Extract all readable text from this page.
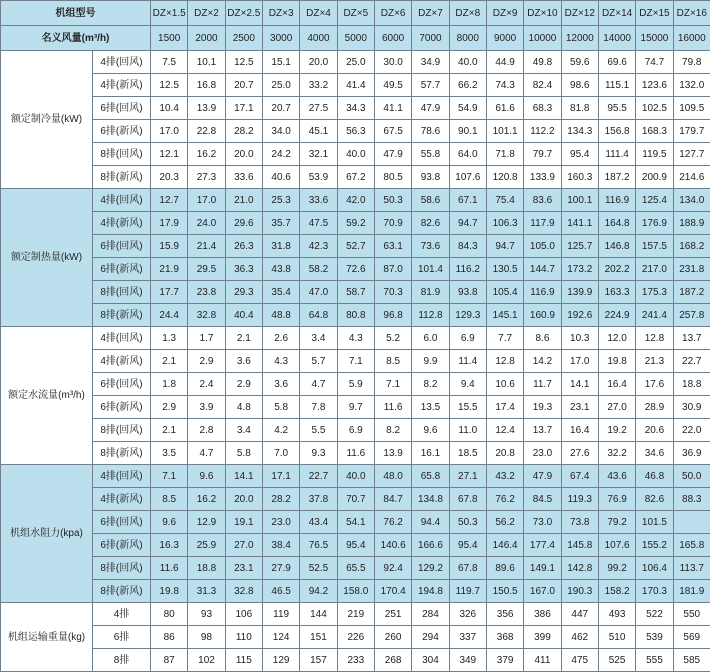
机组型号		DZ×1.5	DZ×2	DZ×2.5	DZ×3	DZ×4	DZ×5	DZ×6	DZ×7	DZ×8	DZ×9	DZ×10	DZ×12	DZ×14	DZ×15	DZ×16
名义风量(m³/h)		1500	2000	2500	3000	4000	5000	6000	7000	8000	9000	10000	12000	14000	15000	16000
额定制冷量(kW)	4排(回风)	7.5	10.1	12.5	15.1	20.0	25.0	30.0	34.9	40.0	44.9	49.8	59.6	69.6	74.7	79.8
	4排(新风)	12.5	16.8	20.7	25.0	33.2	41.4	49.5	57.7	66.2	74.3	82.4	98.6	115.1	123.6	132.0
	6排(回风)	10.4	13.9	17.1	20.7	27.5	34.3	41.1	47.9	54.9	61.6	68.3	81.8	95.5	102.5	109.5
	6排(新风)	17.0	22.8	28.2	34.0	45.1	56.3	67.5	78.6	90.1	101.1	112.2	134.3	156.8	168.3	179.7
	8排(回风)	12.1	16.2	20.0	24.2	32.1	40.0	47.9	55.8	64.0	71.8	79.7	95.4	111.4	119.5	127.7
	8排(新风)	20.3	27.3	33.6	40.6	53.9	67.2	80.5	93.8	107.6	120.8	133.9	160.3	187.2	200.9	214.6
额定制热量(kW)	4排(回风)	12.7	17.0	21.0	25.3	33.6	42.0	50.3	58.6	67.1	75.4	83.6	100.1	116.9	125.4	134.0
	4排(新风)	17.9	24.0	29.6	35.7	47.5	59.2	70.9	82.6	94.7	106.3	117.9	141.1	164.8	176.9	188.9
	6排(回风)	15.9	21.4	26.3	31.8	42.3	52.7	63.1	73.6	84.3	94.7	105.0	125.7	146.8	157.5	168.2
	6排(新风)	21.9	29.5	36.3	43.8	58.2	72.6	87.0	101.4	116.2	130.5	144.7	173.2	202.2	217.0	231.8
	8排(回风)	17.7	23.8	29.3	35.4	47.0	58.7	70.3	81.9	93.8	105.4	116.9	139.9	163.3	175.3	187.2
	8排(新风)	24.4	32.8	40.4	48.8	64.8	80.8	96.8	112.8	129.3	145.1	160.9	192.6	224.9	241.4	257.8
额定水流量(m³/h)	4排(回风)	1.3	1.7	2.1	2.6	3.4	4.3	5.2	6.0	6.9	7.7	8.6	10.3	12.0	12.8	13.7
	4排(新风)	2.1	2.9	3.6	4.3	5.7	7.1	8.5	9.9	11.4	12.8	14.2	17.0	19.8	21.3	22.7
	6排(回风)	1.8	2.4	2.9	3.6	4.7	5.9	7.1	8.2	9.4	10.6	11.7	14.1	16.4	17.6	18.8
	6排(新风)	2.9	3.9	4.8	5.8	7.8	9.7	11.6	13.5	15.5	17.4	19.3	23.1	27.0	28.9	30.9
	8排(回风)	2.1	2.8	3.4	4.2	5.5	6.9	8.2	9.6	11.0	12.4	13.7	16.4	19.2	20.6	22.0
	8排(新风)	3.5	4.7	5.8	7.0	9.3	11.6	13.9	16.1	18.5	20.8	23.0	27.6	32.2	34.6	36.9
机组水阻力(kpa)	4排(回风)	7.1	9.6	14.1	17.1	22.7	40.0	48.0	65.8	27.1	43.2	47.9	67.4	43.6	46.8	50.0
	4排(新风)	8.5	16.2	20.0	28.2	37.8	70.7	84.7	134.8	67.8	76.2	84.5	119.3	76.9	82.6	88.3
	6排(回风)	9.6	12.9	19.1	23.0	43.4	54.1	76.2	94.4	50.3	56.2	73.0	73.8	79.2	101.5	
	6排(新风)	16.3	25.9	27.0	38.4	76.5	95.4	140.6	166.6	95.4	146.4	177.4	145.8	107.6	155.2	165.8
	8排(回风)	11.6	18.8	23.1	27.9	52.5	65.5	92.4	129.2	67.8	89.6	149.1	142.8	99.2	106.4	113.7
	8排(新风)	19.8	31.3	32.8	46.5	94.2	158.0	170.4	194.8	119.7	150.5	167.0	190.3	158.2	170.3	181.9
机组运输重量(kg)	4排	80	93	106	119	144	219	251	284	326	356	386	447	493	522	550
	6排	86	98	110	124	151	226	260	294	337	368	399	462	510	539	569
	8排	87	102	115	129	157	233	268	304	349	379	411	475	525	555	585
